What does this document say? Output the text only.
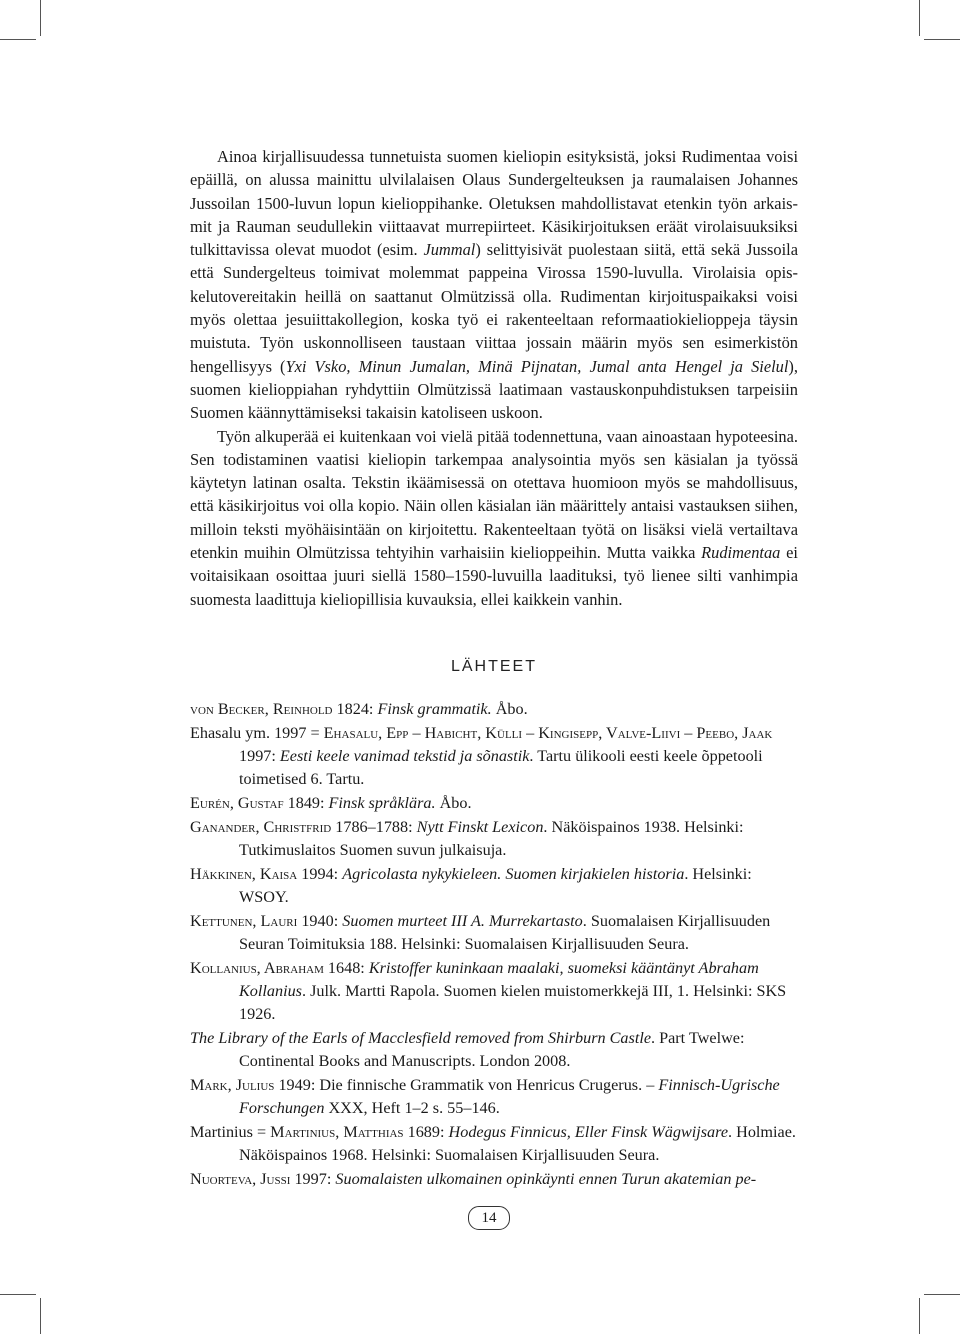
Ainoa kirjallisuudessa tunnetuista suomen kieliopin esityksistä, joksi Rudimentaa voisi epäillä, on alussa mainittu ulvilalaisen Olaus Sundergelteuksen ja raumalaisen Johannes Jussoilan 1500-luvun lopun kielioppihanke. Oletuksen mahdollistavat etenkin työn arkaismit ja Rauman seudullekin viittaavat murrepiirteet. Käsikirjoituksen eräät virolaisuuksiksi tulkittavissa olevat muodot (esim. Jummal) selittyisivät puolestaan siitä, että sekä Jussoila että Sundergelteus toimivat molemmat pappeina Virossa 1590-luvulla. Virolaisia opiskelutovereitakin heillä on saattanut Olmützissä olla. Rudimentan kirjoituspaikaksi voisi myös olettaa jesuiittakollegion, koska työ ei rakenteeltaan reformaatiokielioppeja täysin muistuta. Työn uskonnolliseen taustaan viittaa jossain määrin myös sen esimerkistön hengellisyys (Yxi Vsko, Minun Jumalan, Minä Pijnatan, Jumal anta Hengel ja Sielul), suomen kielioppiahan ryhdyttiin Olmützissä laatimaan vastauskonpuhdistuksen tarpeisiin Suomen käännyttämiseksi takaisin katoliseen uskoon.

Työn alkuperää ei kuitenkaan voi vielä pitää todennettuna, vaan ainoastaan hypoteesina. Sen todistaminen vaatisi kieliopin tarkempaa analysointia myös sen käsialan ja työssä käytetyn latinan osalta. Tekstin ikäämisessä on otettava huomioon myös se mahdollisuus, että käsikirjoitus voi olla kopio. Näin ollen käsialan iän määrittely antaisi vastauksen siihen, milloin teksti myöhäisintään on kirjoitettu. Rakenteeltaan työtä on lisäksi vielä vertailtava etenkin muihin Olmützissa tehtyihin varhaisiin kielioppeihin. Mutta vaikka Rudimentaa ei voitaisikaan osoittaa juuri siellä 1580–1590-luvuilla laadituksi, työ lienee silti vanhimpia suomesta laadittuja kieliopillisia kuvauksia, ellei kaikkein vanhin.

LÄHTEET
von Becker, Reinhold 1824: Finsk grammatik. Åbo.
Ehasalu ym. 1997 = Ehasalu, Epp – Habicht, Külli – Kingisepp, Valve-Liivi – Peebo, Jaak 1997: Eesti keele vanimad tekstid ja sõnastik. Tartu ülikooli eesti keele õppetooli toimetised 6. Tartu.
Eurén, Gustaf 1849: Finsk språklära. Åbo.
Ganander, Christfrid 1786–1788: Nytt Finskt Lexicon. Näköispainos 1938. Helsinki: Tutkimuslaitos Suomen suvun julkaisuja.
Häkkinen, Kaisa 1994: Agricolasta nykykieleen. Suomen kirjakielen historia. Helsinki: WSOY.
Kettunen, Lauri 1940: Suomen murteet III A. Murrekartasto. Suomalaisen Kirjallisuuden Seuran Toimituksia 188. Helsinki: Suomalaisen Kirjallisuuden Seura.
Kollanius, Abraham 1648: Kristoffer kuninkaan maalaki, suomeksi kääntänyt Abraham Kollanius. Julk. Martti Rapola. Suomen kielen muistomerkkejä III, 1. Helsinki: SKS 1926.
The Library of the Earls of Macclesfield removed from Shirburn Castle. Part Twelwe: Continental Books and Manuscripts. London 2008.
Mark, Julius 1949: Die finnische Grammatik von Henricus Crugerus. – Finnisch-Ugrische Forschungen XXX, Heft 1–2 s. 55–146.
Martinius = Martinius, Matthias 1689: Hodegus Finnicus, Eller Finsk Wägwijsare. Holmiae. Näköispainos 1968. Helsinki: Suomalaisen Kirjallisuuden Seura.
Nuorteva, Jussi 1997: Suomalaisten ulkomainen opinkäynti ennen Turun akatemian pe-
14
